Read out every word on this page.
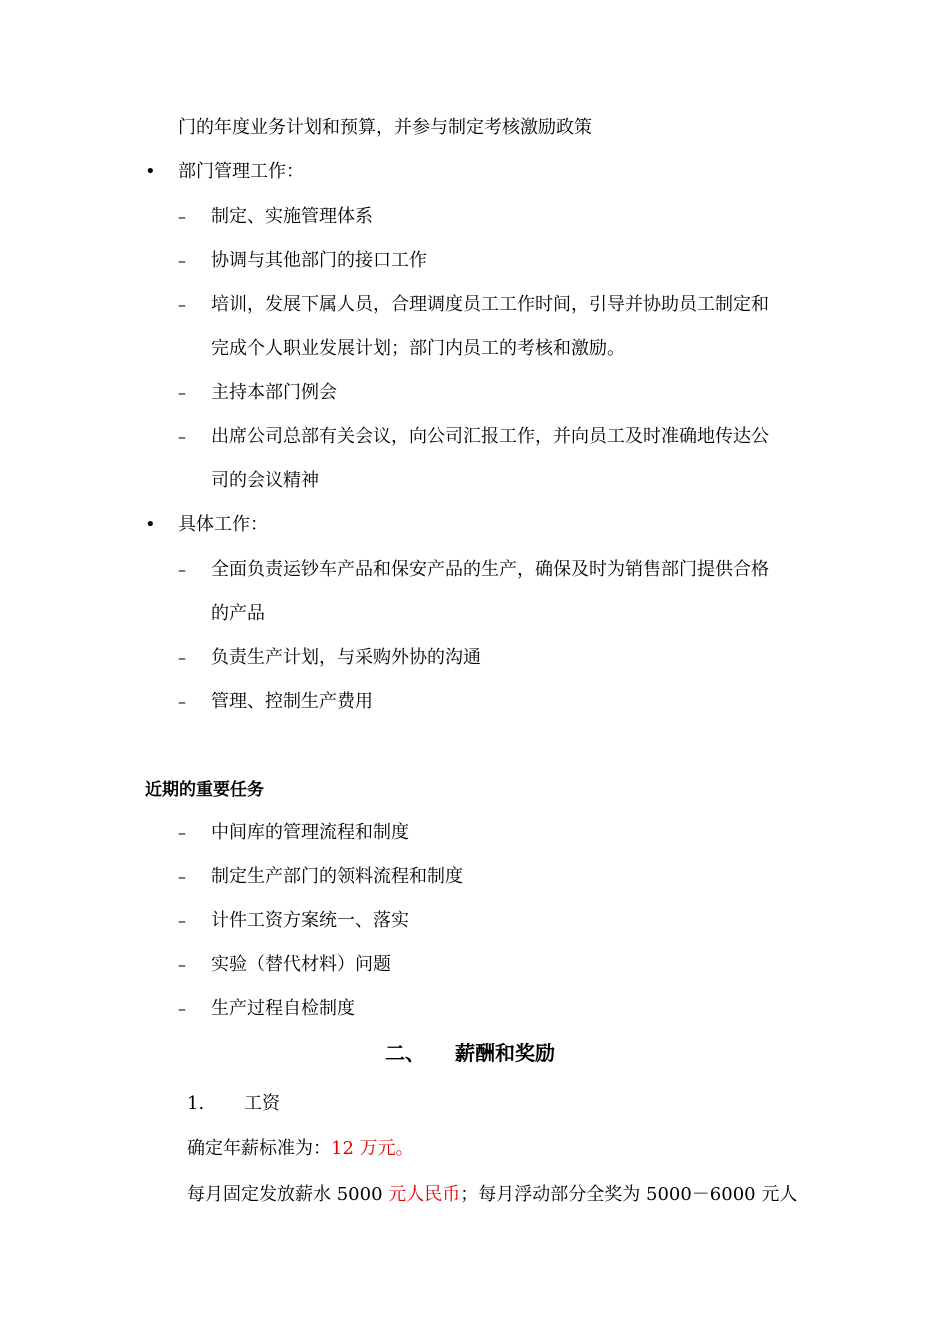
门的年度业务计划和预算，并参与制定考核激励政策
• 部门管理工作：
– 制定、实施管理体系
– 协调与其他部门的接口工作
– 培训，发展下属人员，合理调度员工工作时间，引导并协助员工制定和
完成个人职业发展计划；部门内员工的考核和激励。
– 主持本部门例会
– 出席公司总部有关会议，向公司汇报工作，并向员工及时准确地传达公
司的会议精神
• 具体工作：
– 全面负责运钞车产品和保安产品的生产，确保及时为销售部门提供合格
的产品
– 负责生产计划，与采购外协的沟通
– 管理、控制生产费用
近期的重要任务
– 中间库的管理流程和制度
– 制定生产部门的领料流程和制度
– 计件工资方案统一、落实
– 实验（替代材料）问题
– 生产过程自检制度
二、 薪酬和奖励
1. 工资
确定年薪标准为：12 万元。
每月固定发放薪水 5000 元人民币；每月浮动部分全奖为 5000－6000 元人
